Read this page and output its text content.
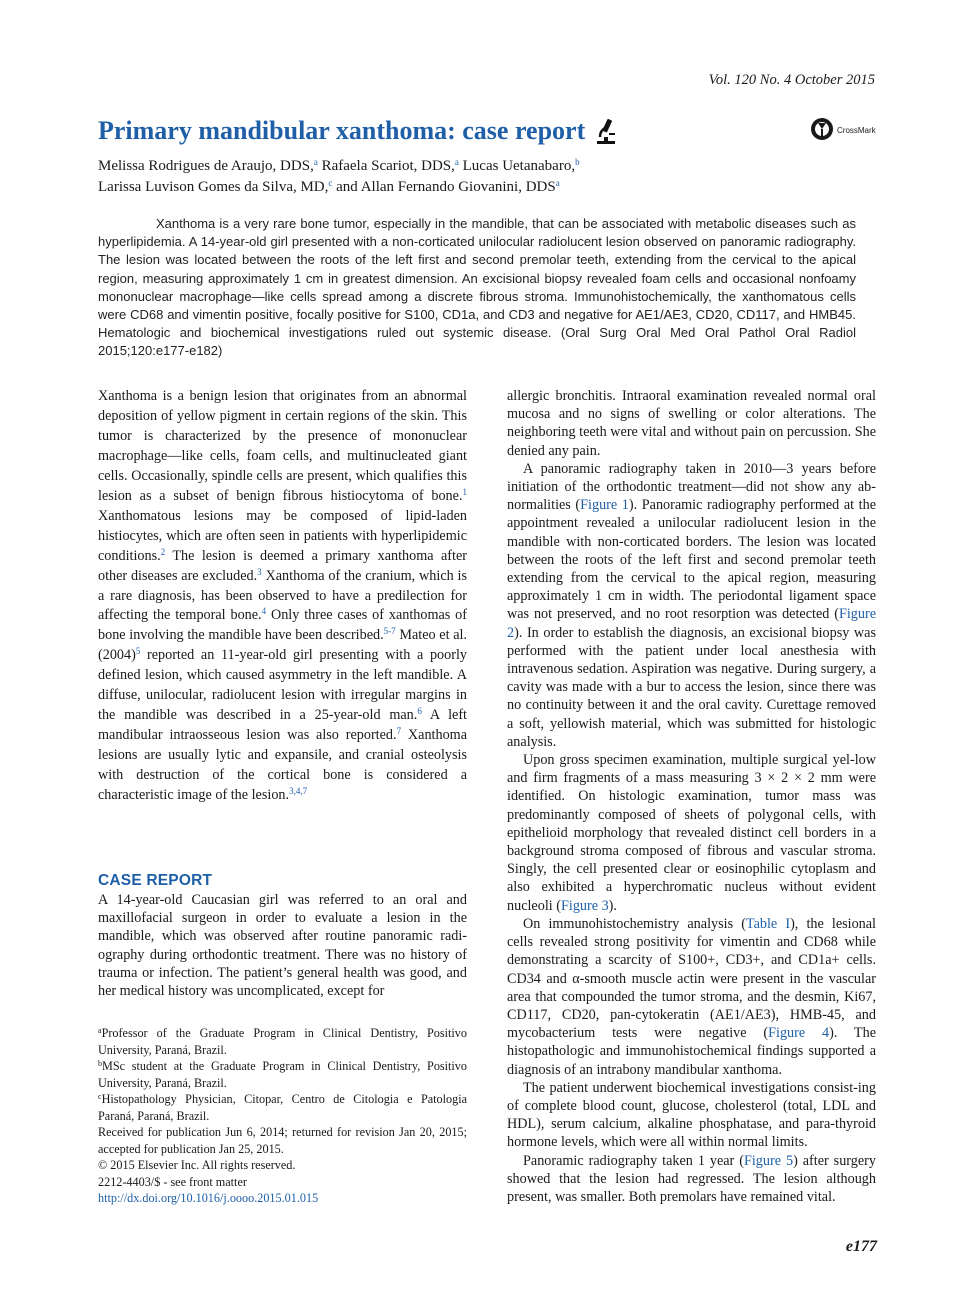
Vol. 120 No. 4 October 2015
Primary mandibular xanthoma: case report	CrossMark
Melissa Rodrigues de Araujo, DDS,$^a$ Rafaela Scariot, DDS,$^a$ Lucas Uetanabaro,$^b$
Larissa Luvison Gomes da Silva, MD,$^c$ and Allan Fernando Giovanini, DDS$^a$

Xanthoma is a very rare bone tumor, especially in the mandible, that can be associated with metabolic diseases such as hyperlipidemia. A 14-year-old girl presented with a non-corticated unilocular radiolucent lesion observed on panoramic radiography. The lesion was located between the roots of the left first and second premolar teeth, extending from the cervical to the apical region, measuring approximately 1 cm in greatest dimension. An excisional biopsy revealed foam cells and occasional nonfoamy mononuclear macrophage—like cells spread among a discrete fibrous stroma. Immunohistochemically, the xanthomatous cells were CD68 and vimentin positive, focally positive for S100, CD1a, and CD3 and negative for AE1/AE3, CD20, CD117, and HMB45. Hematologic and biochemical investigations ruled out systemic disease. (Oral Surg Oral Med Oral Pathol Oral Radiol 2015;120:e177-e182)

Xanthoma is a benign lesion that originates from an abnormal deposition of yellow pigment in certain regions of the skin. This tumor is characterized by the presence of mononuclear macrophage—like cells, foam cells, and multinucleated giant cells. Occasionally, spindle cells are present, which qualifies this lesion as a subset of benign fibrous histiocytoma of bone.$^1$ Xanthomatous lesions may be composed of lipid-laden histiocytes, which are often seen in patients with hyperlipidemic conditions.$^2$ The lesion is deemed a primary xanthoma after other diseases are excluded.$^3$ Xanthoma of the cranium, which is a rare diagnosis, has been observed to have a predilection for affecting the temporal bone.$^4$ Only three cases of xanthomas of bone involving the mandible have been described.$^{5-7}$ Mateo et al. $(2004)^5$ reported an 11-year-old girl presenting with a poorly defined lesion, which caused asymmetry in the left mandible. A diffuse, unilocular, radiolucent lesion with irregular margins in the mandible was described in a 25-year-old man.$^6$ A left mandibular intraosseous lesion was also reported.$^7$ Xanthoma lesions are usually lytic and expansile, and cranial osteolysis with destruction of the cortical bone is considered a characteristic image of the lesion.$^{3,4,7}$

CASE REPORT

A 14-year-old Caucasian girl was referred to an oral and maxillofacial surgeon in order to evaluate a lesion in the mandible, which was observed after routine panoramic radi-ography during orthodontic treatment. There was no history of trauma or infection. The patient’s general health was good, and her medical history was uncomplicated, except for

$^a$Professor of the Graduate Program in Clinical Dentistry, Positivo University, Paraná, Brazil.
$^b$MSc student at the Graduate Program in Clinical Dentistry, Positivo University, Paraná, Brazil.
$^c$Histopathology Physician, Citopar, Centro de Citologia e Patologia Paraná, Paraná, Brazil.
Received for publication Jun 6, 2014; returned for revision Jan 20, 2015; accepted for publication Jan 25, 2015.
© 2015 Elsevier Inc. All rights reserved.
2212-4403/$ - see front matter
http://dx.doi.org/10.1016/j.oooo.2015.01.015

allergic bronchitis. Intraoral examination revealed normal oral mucosa and no signs of swelling or color alterations. The neighboring teeth were vital and without pain on percussion. She denied any pain.

A panoramic radiography taken in 2010—3 years before initiation of the orthodontic treatment—did not show any ab-normalities (Figure 1). Panoramic radiography performed at the appointment revealed a unilocular radiolucent lesion in the mandible with non-corticated borders. The lesion was located between the roots of the left first and second premolar teeth extending from the cervical to the apical region, measuring approximately 1 cm in width. The periodontal ligament space was not preserved, and no root resorption was detected (Figure 2). In order to establish the diagnosis, an excisional biopsy was performed with the patient under local anesthesia with intravenous sedation. Aspiration was negative. During surgery, a cavity was made with a bur to access the lesion, since there was no continuity between it and the oral cavity. Curettage removed a soft, yellowish material, which was submitted for histologic analysis.

Upon gross specimen examination, multiple surgical yel-low and firm fragments of a mass measuring 3 × 2 × 2 mm were identified. On histologic examination, tumor mass was predominantly composed of sheets of polygonal cells, with epithelioid morphology that revealed distinct cell borders in a background stroma composed of fibrous and vascular stroma. Singly, the cell presented clear or eosinophilic cytoplasm and also exhibited a hyperchromatic nucleus without evident nucleoli (Figure 3).

On immunohistochemistry analysis (Table I), the lesional cells revealed strong positivity for vimentin and CD68 while demonstrating a scarcity of S100+, CD3+, and CD1a+ cells. CD34 and α-smooth muscle actin were present in the vascular area that compounded the tumor stroma, and the desmin, Ki67, CD117, CD20, pan-cytokeratin (AE1/AE3), HMB-45, and mycobacterium tests were negative (Figure 4). The histopathologic and immunohistochemical findings supported a diagnosis of an intrabony mandibular xanthoma.

The patient underwent biochemical investigations consist-ing of complete blood count, glucose, cholesterol (total, LDL and HDL), serum calcium, alkaline phosphatase, and para-thyroid hormone levels, which were all within normal limits.

Panoramic radiography taken 1 year (Figure 5) after surgery showed that the lesion had regressed. The lesion although present, was smaller. Both premolars have remained vital.

e177
